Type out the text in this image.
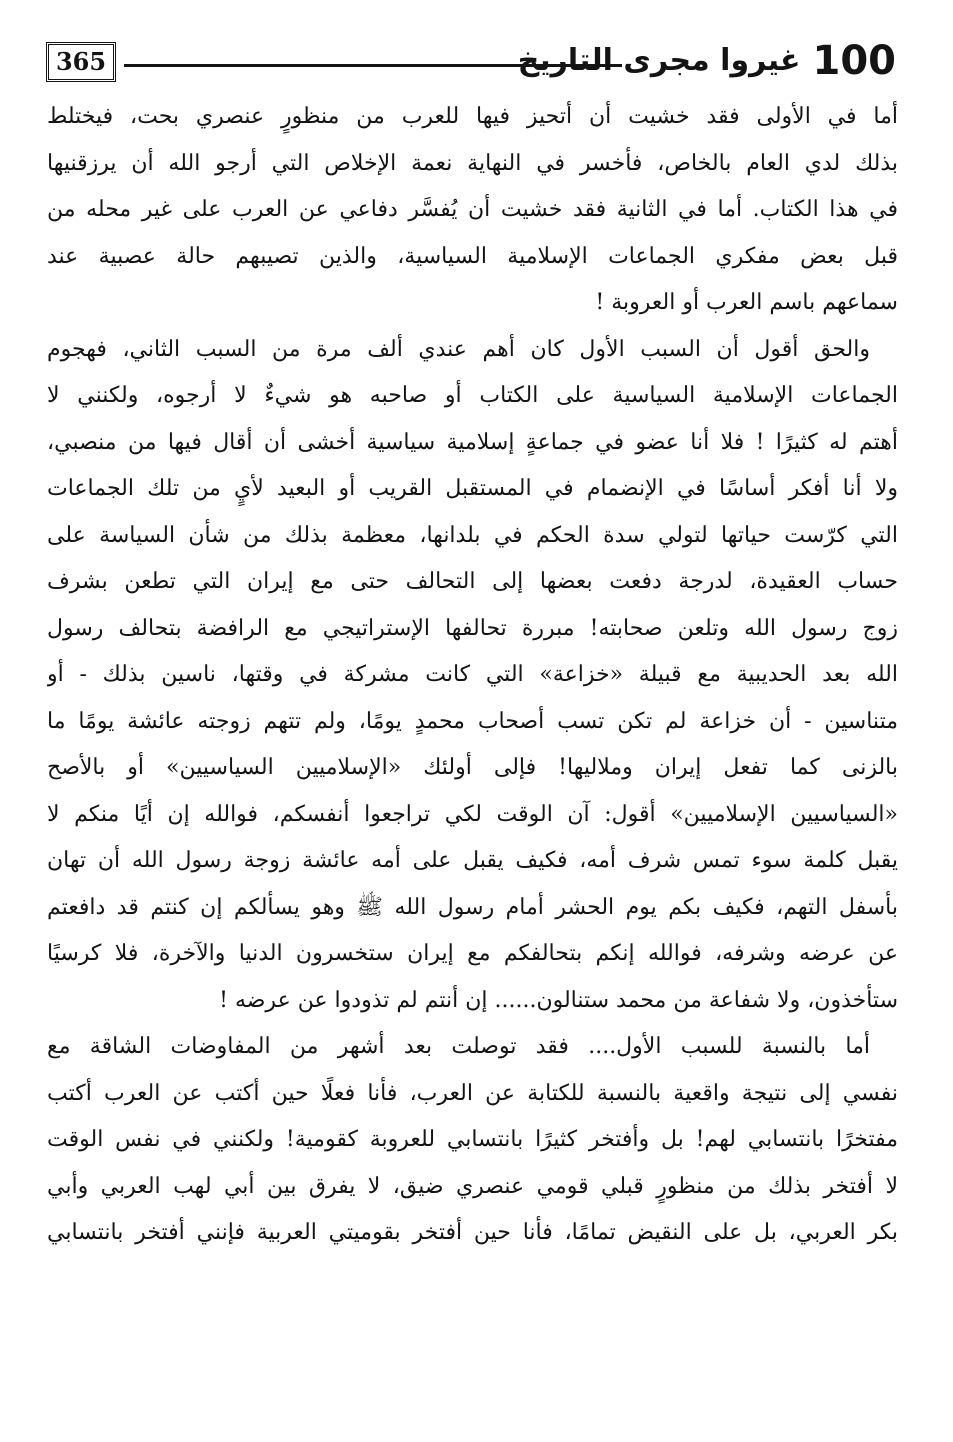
365	100
غيروا مجرى التاريخ
أما في الأولى فقد خشيت أن أتحيز فيها للعرب من منظورٍ عنصري بحت، فيختلط
بذلك لدي العام بالخاص، فأخسر في النهاية نعمة الإخلاص التي أرجو الله أن يرزقنيها
في هذا الكتاب. أما في الثانية فقد خشيت أن يُفسَّر دفاعي عن العرب على غير محله من
قبل بعض مفكري الجماعات الإسلامية السياسية، والذين تصيبهم حالة عصبية عند
سماعهم باسم العرب أو العروبة !
والحق أقول أن السبب الأول كان أهم عندي ألف مرة من السبب الثاني، فهجوم
الجماعات الإسلامية السياسية على الكتاب أو صاحبه هو شيءٌ لا أرجوه، ولكنني لا
أهتم له كثيرًا ! فلا أنا عضو في جماعةٍ إسلامية سياسية أخشى أن أقال فيها من منصبي،
ولا أنا أفكر أساسًا في الإنضمام في المستقبل القريب أو البعيد لأيٍ من تلك الجماعات
التي كرّست حياتها لتولي سدة الحكم في بلدانها، معظمة بذلك من شأن السياسة على
حساب العقيدة، لدرجة دفعت بعضها إلى التحالف حتى مع إيران التي تطعن بشرف
زوج رسول الله وتلعن صحابته! مبررة تحالفها الإستراتيجي مع الرافضة بتحالف رسول
الله بعد الحديبية مع قبيلة «خزاعة» التي كانت مشركة في وقتها، ناسين بذلك - أو
متناسين - أن خزاعة لم تكن تسب أصحاب محمدٍ يومًا، ولم تتهم زوجته عائشة يومًا ما
بالزنى كما تفعل إيران وملاليها! فإلى أولئك «الإسلاميين السياسيين» أو بالأصح
«السياسيين الإسلاميين» أقول: آن الوقت لكي تراجعوا أنفسكم، فوالله إن أيًا منكم لا
يقبل كلمة سوء تمس شرف أمه، فكيف يقبل على أمه عائشة زوجة رسول الله أن تهان
بأسفل التهم، فكيف بكم يوم الحشر أمام رسول الله ﷺ وهو يسألكم إن كنتم قد دافعتم
عن عرضه وشرفه، فوالله إنكم بتحالفكم مع إيران ستخسرون الدنيا والآخرة، فلا كرسيًا
ستأخذون، ولا شفاعة من محمد ستنالون...... إن أنتم لم تذودوا عن عرضه !
أما بالنسبة للسبب الأول.... فقد توصلت بعد أشهر من المفاوضات الشاقة مع
نفسي إلى نتيجة واقعية بالنسبة للكتابة عن العرب، فأنا فعلًا حين أكتب عن العرب أكتب
مفتخرًا بانتسابي لهم! بل وأفتخر كثيرًا بانتسابي للعروبة كقومية! ولكنني في نفس الوقت
لا أفتخر بذلك من منظورٍ قبلي قومي عنصري ضيق، لا يفرق بين أبي لهب العربي وأبي
بكر العربي، بل على النقيض تمامًا، فأنا حين أفتخر بقوميتي العربية فإنني أفتخر بانتسابي
